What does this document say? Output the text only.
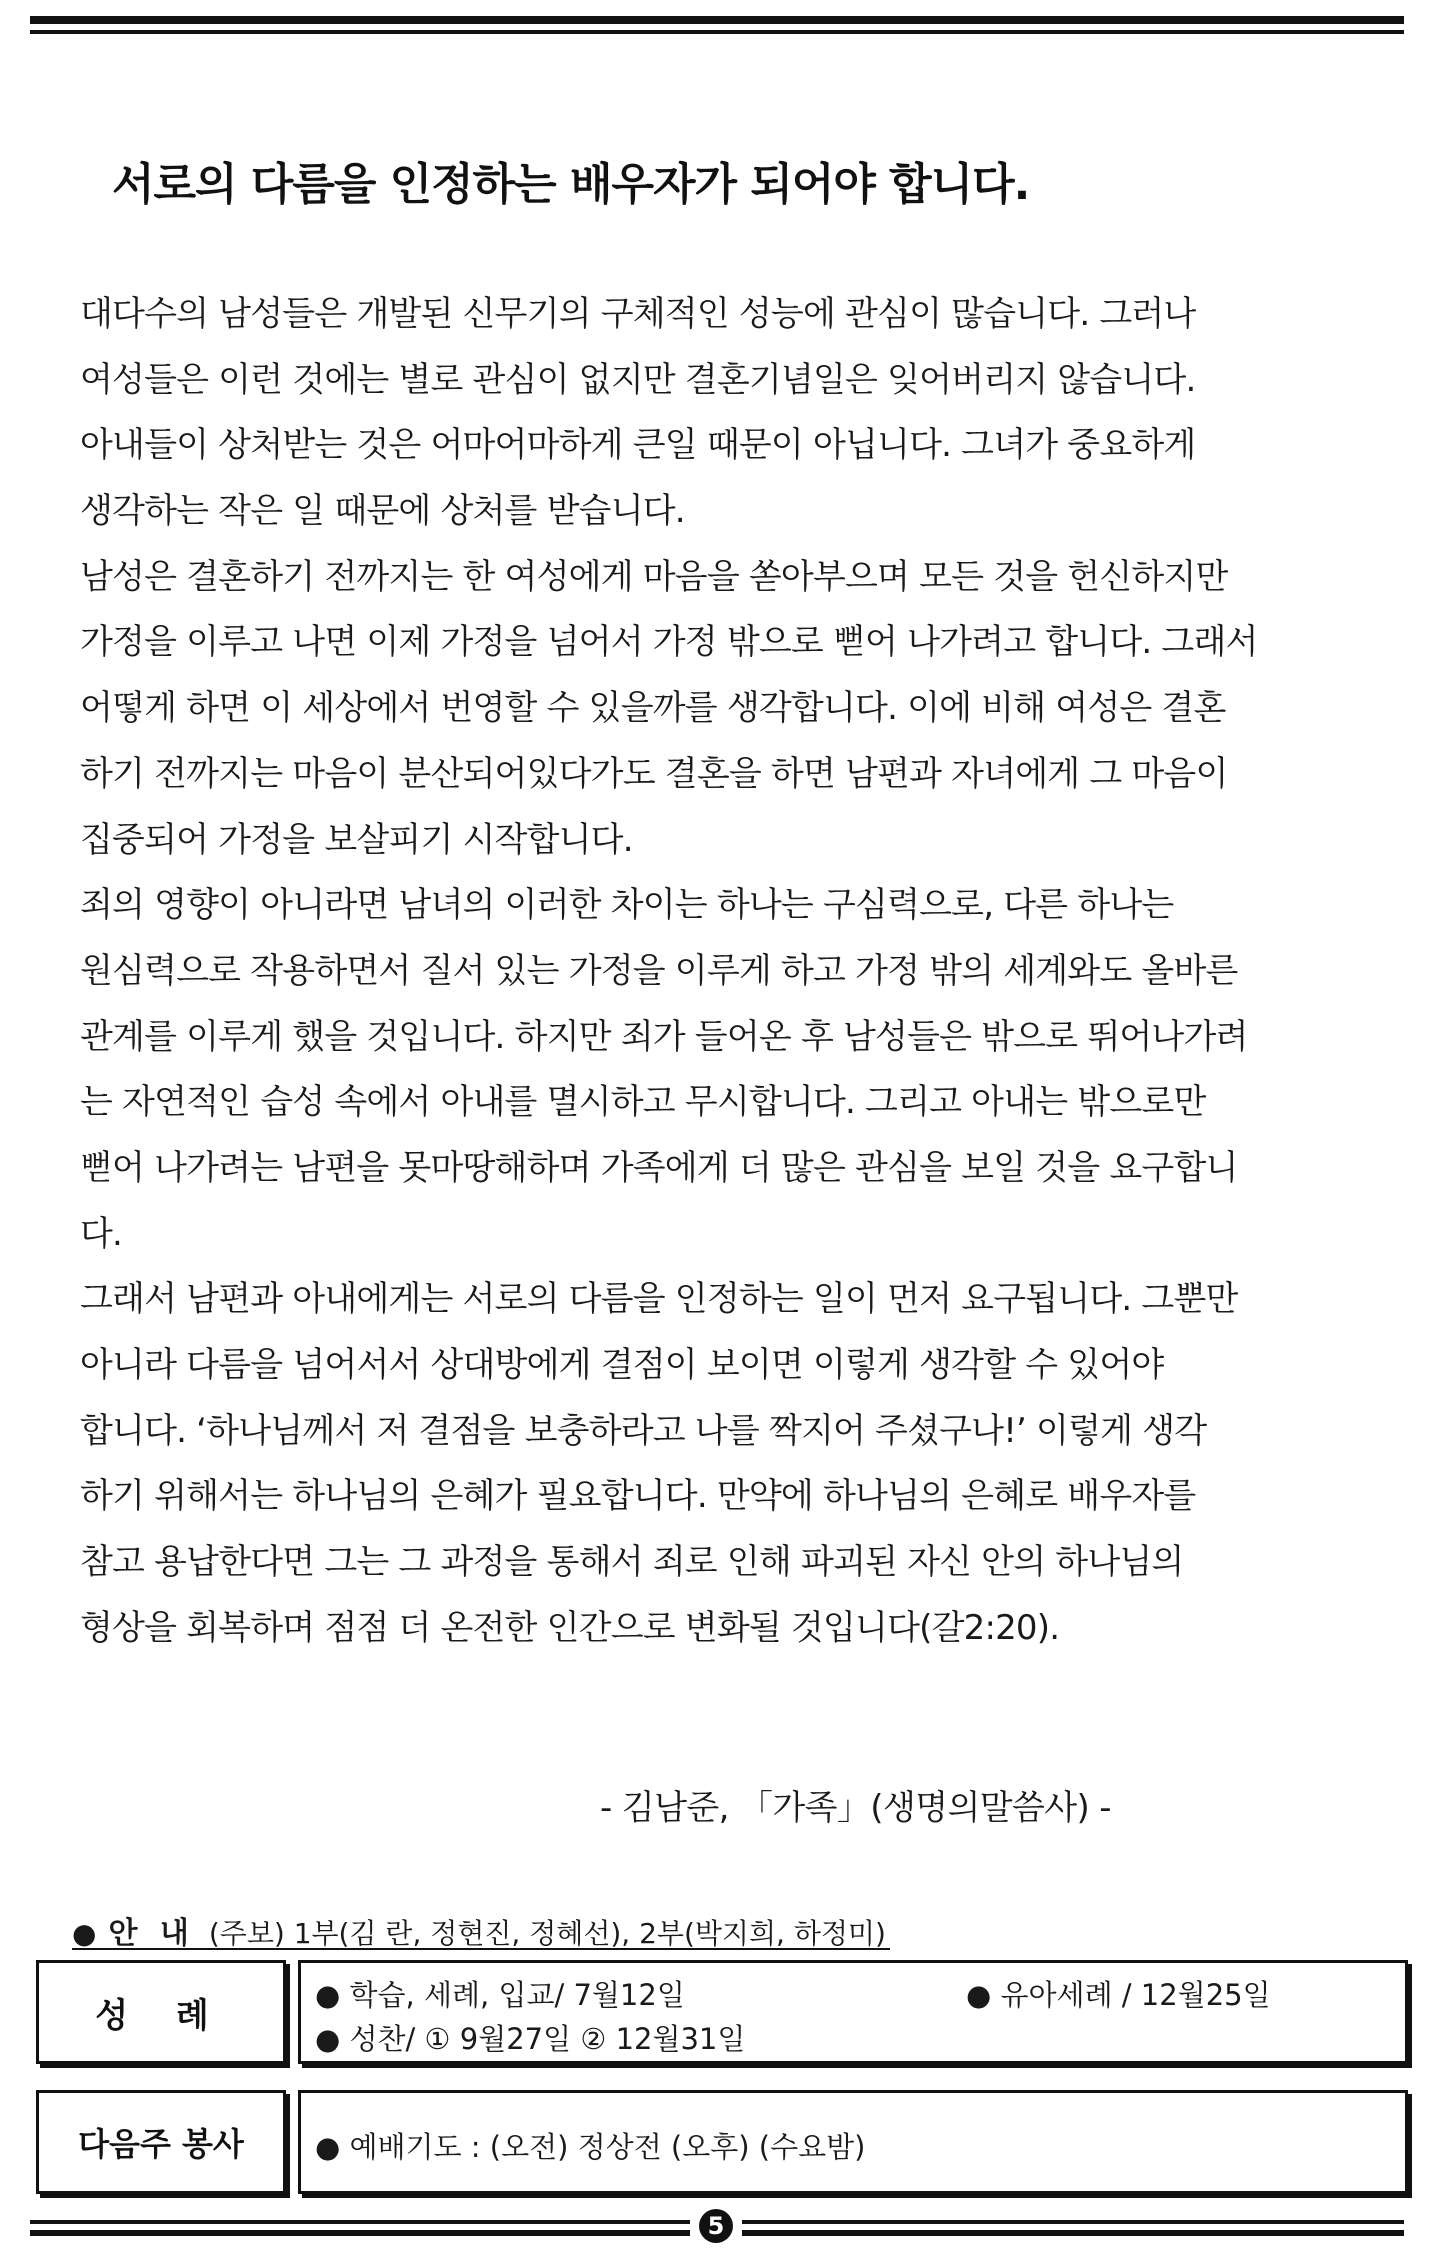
서로의 다름을 인정하는 배우자가 되어야 합니다.
대다수의 남성들은 개발된 신무기의 구체적인 성능에 관심이 많습니다. 그러나
여성들은 이런 것에는 별로 관심이 없지만 결혼기념일은 잊어버리지 않습니다.
아내들이 상처받는 것은 어마어마하게 큰일 때문이 아닙니다. 그녀가 중요하게
생각하는 작은 일 때문에 상처를 받습니다.
남성은 결혼하기 전까지는 한 여성에게 마음을 쏟아부으며 모든 것을 헌신하지만
가정을 이루고 나면 이제 가정을 넘어서 가정 밖으로 뻗어 나가려고 합니다. 그래서
어떻게 하면 이 세상에서 번영할 수 있을까를 생각합니다. 이에 비해 여성은 결혼
하기 전까지는 마음이 분산되어있다가도 결혼을 하면 남편과 자녀에게 그 마음이
집중되어 가정을 보살피기 시작합니다.
죄의 영향이 아니라면 남녀의 이러한 차이는 하나는 구심력으로, 다른 하나는
원심력으로 작용하면서 질서 있는 가정을 이루게 하고 가정 밖의 세계와도 올바른
관계를 이루게 했을 것입니다. 하지만 죄가 들어온 후 남성들은 밖으로 뛰어나가려
는 자연적인 습성 속에서 아내를 멸시하고 무시합니다. 그리고 아내는 밖으로만
뻗어 나가려는 남편을 못마땅해하며 가족에게 더 많은 관심을 보일 것을 요구합니
다.
그래서 남편과 아내에게는 서로의 다름을 인정하는 일이 먼저 요구됩니다. 그뿐만
아니라 다름을 넘어서서 상대방에게 결점이 보이면 이렇게 생각할 수 있어야
합니다. ‘하나님께서 저 결점을 보충하라고 나를 짝지어 주셨구나!’ 이렇게 생각
하기 위해서는 하나님의 은혜가 필요합니다. 만약에 하나님의 은혜로 배우자를
참고 용납한다면 그는 그 과정을 통해서 죄로 인해 파괴된 자신 안의 하나님의
형상을 회복하며 점점 더 온전한 인간으로 변화될 것입니다(갈2:20).
- 김남준, 「가족」(생명의말씀사) -
● 안 내 (주보) 1부(김 란, 정현진, 정혜선), 2부(박지희, 하정미)
성 례
● 학습, 세례, 입교/ 7월12일	● 유아세례 / 12월25일
● 성찬/ ① 9월27일 ② 12월31일
다음주 봉사 ● 예배기도 : (오전) 정상전 (오후) (수요밤)
5
